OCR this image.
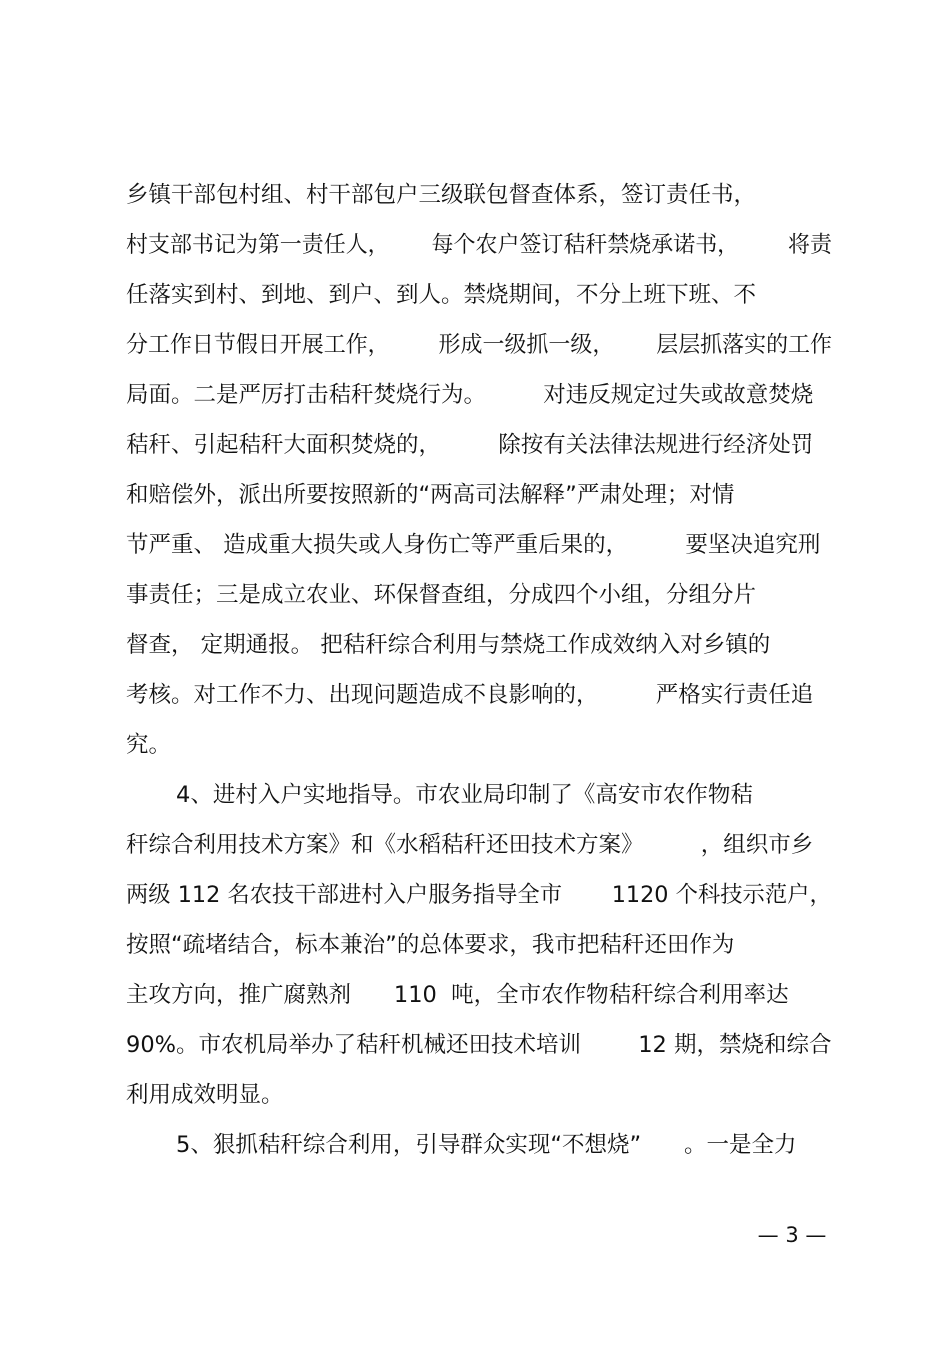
乡镇干部包村组、村干部包户三级联包督查体系，签订责任书，
村支部书记为第一责任人，      每个农户签订秸秆禁烧承诺书，       将责
任落实到村、到地、到户、到人。禁烧期间，不分上班下班、不
分工作日节假日开展工作，       形成一级抓一级，      层层抓落实的工作
局面。二是严厉打击秸秆焚烧行为。        对违反规定过失或故意焚烧
秸秆、引起秸秆大面积焚烧的，        除按有关法律法规进行经济处罚
和赔偿外，派出所要按照新的“两高司法解释”严肃处理；对情
节严重、 造成重大损失或人身伤亡等严重后果的，        要坚决追究刑
事责任；三是成立农业、环保督查组，分成四个小组，分组分片
督查， 定期通报。 把秸秆综合利用与禁烧工作成效纳入对乡镇的
考核。对工作不力、出现问题造成不良影响的，        严格实行责任追
究。
4、进村入户实地指导。市农业局印制了《高安市农作物秸
秆综合利用技术方案》和《水稻秸秆还田技术方案》        ，组织市乡
两级 112 名农技干部进村入户服务指导全市       1120 个科技示范户，
按照“疏堵结合，标本兼治”的总体要求，我市把秸秆还田作为
主攻方向，推广腐熟剂      110  吨，全市农作物秸秆综合利用率达
90%。市农机局举办了秸秆机械还田技术培训        12 期，禁烧和综合
利用成效明显。
5、狠抓秸秆综合利用，引导群众实现“不想烧”      。一是全力
— 3 —
